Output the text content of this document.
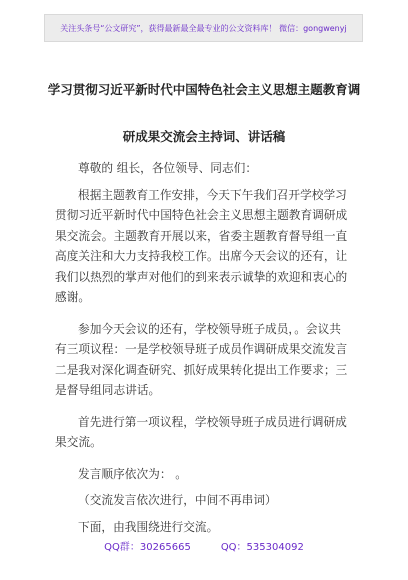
关注头条号“公文研究”，获得最新最全最专业的公文资料库！ 微信：gongwenyj
学习贯彻习近平新时代中国特色社会主义思想主题教育调
研成果交流会主持词、讲话稿

尊敬的 组长，各位领导、同志们：

根据主题教育工作安排，今天下午我们召开学校学习

贯彻习近平新时代中国特色社会主义思想主题教育调研成

果交流会。主题教育开展以来，省委主题教育督导组一直

高度关注和大力支持我校工作。出席今天会议的还有，让

我们以热烈的掌声对他们的到来表示诚挚的欢迎和衷心的

感谢。

参加今天会议的还有，学校领导班子成员，。会议共

有三项议程：一是学校领导班子成员作调研成果交流发言

二是我对深化调查研究、抓好成果转化提出工作要求；三

是督导组同志讲话。

首先进行第一项议程，学校领导班子成员进行调研成

果交流。

发言顺序依次为： 。

（交流发言依次进行，中间不再串词）

下面，由我围绕进行交流。

QQ群：30265665	QQ：535304092
